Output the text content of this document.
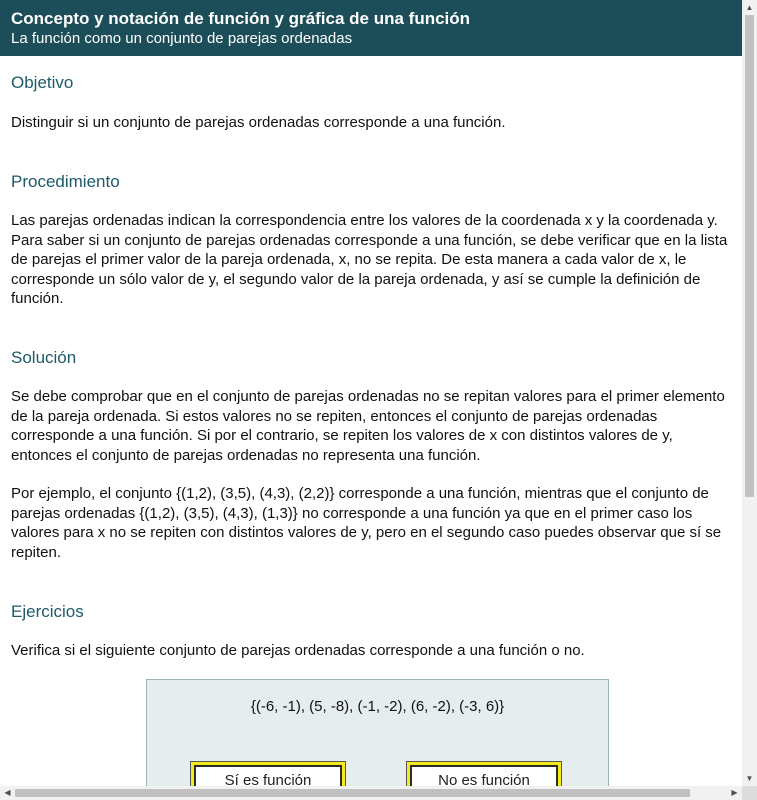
Concepto y notación de función y gráfica de una función
La función como un conjunto de parejas ordenadas
Objetivo

Distinguir si un conjunto de parejas ordenadas corresponde a una función.

Procedimiento

Las parejas ordenadas indican la correspondencia entre los valores de la coordenada x y la coordenada y. Para saber si un conjunto de parejas ordenadas corresponde a una función, se debe verificar que en la lista de parejas el primer valor de la pareja ordenada, x, no se repita. De esta manera a cada valor de x, le corresponde un sólo valor de y, el segundo valor de la pareja ordenada, y así se cumple la definición de función.

Solución

Se debe comprobar que en el conjunto de parejas ordenadas no se repitan valores para el primer elemento de la pareja ordenada. Si estos valores no se repiten, entonces el conjunto de parejas ordenadas corresponde a una función. Si por el contrario, se repiten los valores de x con distintos valores de y, entonces el conjunto de parejas ordenadas no representa una función.

Por ejemplo, el conjunto {(1,2), (3,5), (4,3), (2,2)} corresponde a una función, mientras que el conjunto de parejas ordenadas {(1,2), (3,5), (4,3), (1,3)} no corresponde a una función ya que en el primer caso los valores para x no se repiten con distintos valores de y, pero en el segundo caso puedes observar que sí se repiten.

Ejercicios

Verifica si el siguiente conjunto de parejas ordenadas corresponde a una función o no.

{(-6, -1), (5, -8), (-1, -2), (6, -2), (-3, 6)}
Sí es función	No es función
▲
▼
◀	▶
